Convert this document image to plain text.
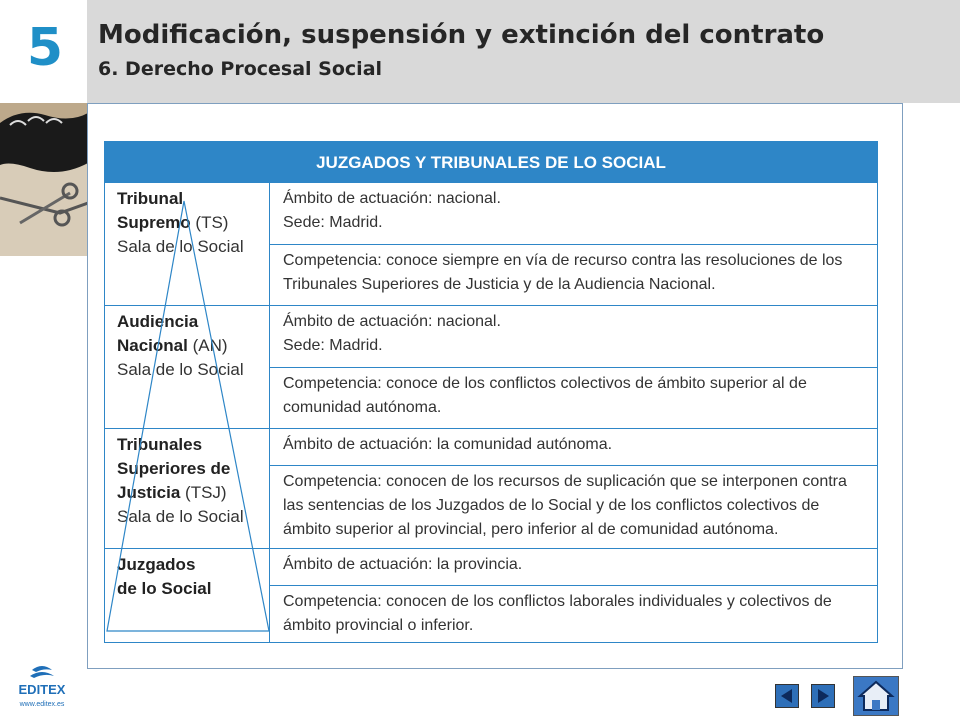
5 Modificación, suspensión y extinción del contrato
6. Derecho Procesal Social
JUZGADOS Y TRIBUNALES DE LO SOCIAL
Tribunal
Supremo (TS)
Sala de lo Social
Ámbito de actuación: nacional.
Sede: Madrid.
Competencia: conoce siempre en vía de recurso contra las resoluciones de los Tribunales Superiores de Justicia y de la Audiencia Nacional.
Audiencia
Nacional (AN)
Sala de lo Social
Ámbito de actuación: nacional.
Sede: Madrid.
Competencia: conoce de los conflictos colectivos de ámbito superior al de comunidad autónoma.
Tribunales
Superiores de
Justicia (TSJ)
Sala de lo Social
Ámbito de actuación: la comunidad autónoma.
Competencia: conocen de los recursos de suplicación que se interponen contra las sentencias de los Juzgados de lo Social y de los conflictos colectivos de ámbito superior al provincial, pero inferior al de comunidad autónoma.
Juzgados
de lo Social
Ámbito de actuación: la provincia.
Competencia: conocen de los conflictos laborales individuales y colectivos de ámbito provincial o inferior.
EDITEX
www.editex.es
